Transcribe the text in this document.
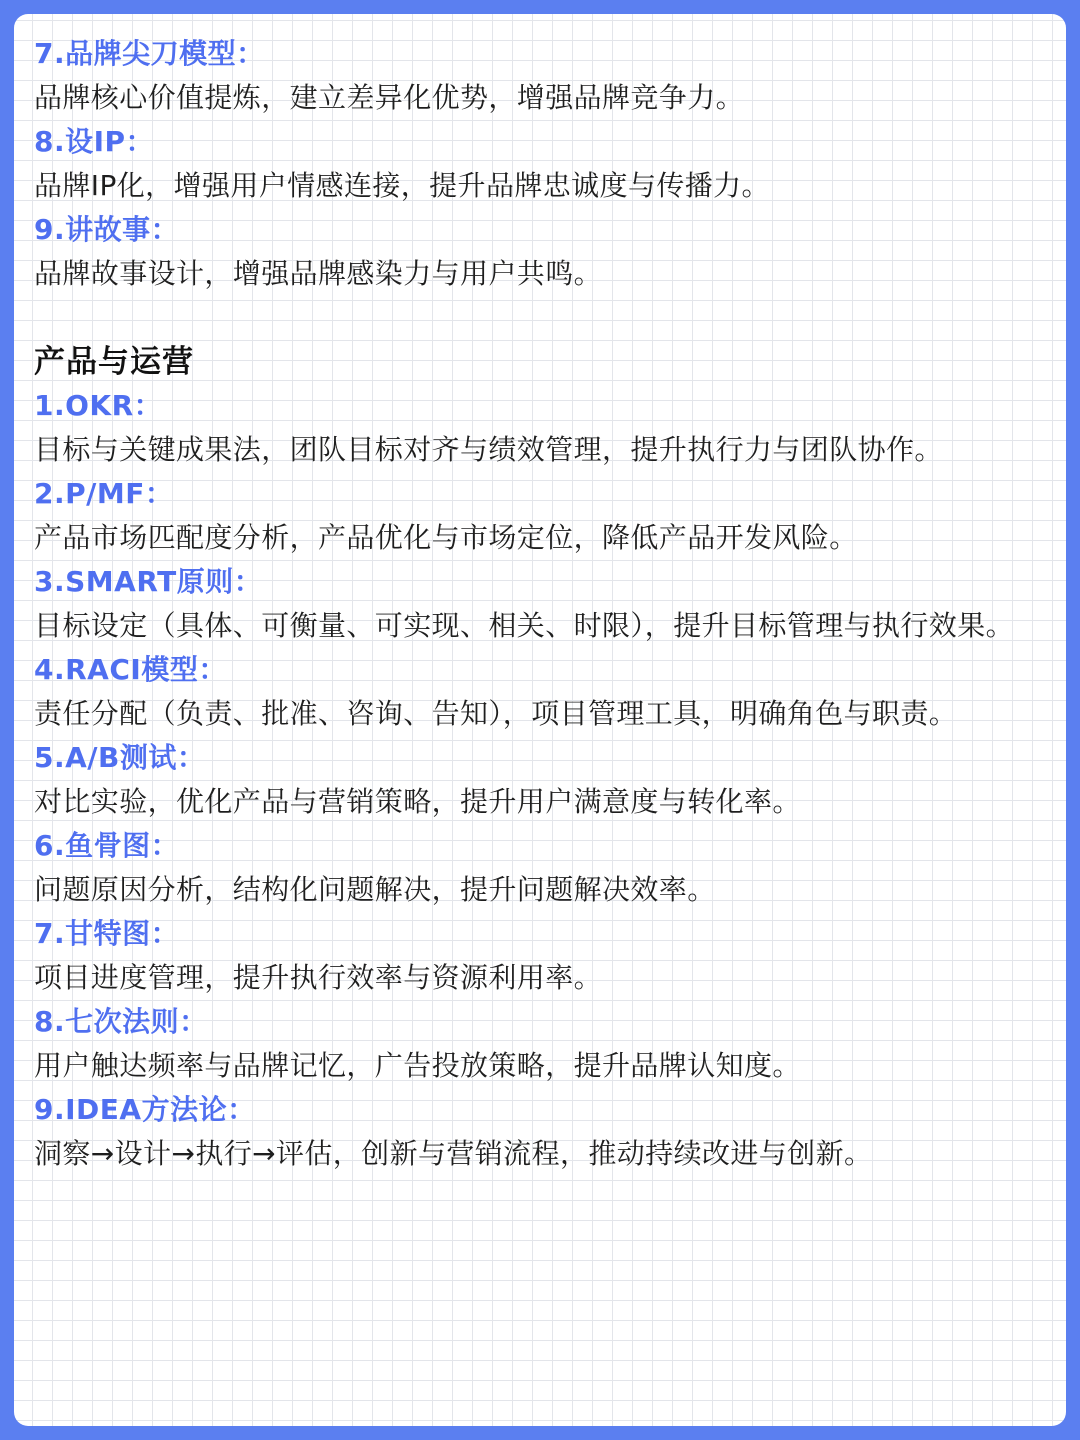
7.品牌尖刀模型：
品牌核心价值提炼，建立差异化优势，增强品牌竞争力。
8.设IP：
品牌IP化，增强用户情感连接，提升品牌忠诚度与传播力。
9.讲故事：
品牌故事设计，增强品牌感染力与用户共鸣。
产品与运营
1.OKR：
目标与关键成果法，团队目标对齐与绩效管理，提升执行力与团队协作。
2.P/MF：
产品市场匹配度分析，产品优化与市场定位，降低产品开发风险。
3.SMART原则：
目标设定（具体、可衡量、可实现、相关、时限），提升目标管理与执行效果。
4.RACI模型：
责任分配（负责、批准、咨询、告知），项目管理工具，明确角色与职责。
5.A/B测试：
对比实验，优化产品与营销策略，提升用户满意度与转化率。
6.鱼骨图：
问题原因分析，结构化问题解决，提升问题解决效率。
7.甘特图：
项目进度管理，提升执行效率与资源利用率。
8.七次法则：
用户触达频率与品牌记忆，广告投放策略，提升品牌认知度。
9.IDEA方法论：
洞察→设计→执行→评估，创新与营销流程，推动持续改进与创新。
